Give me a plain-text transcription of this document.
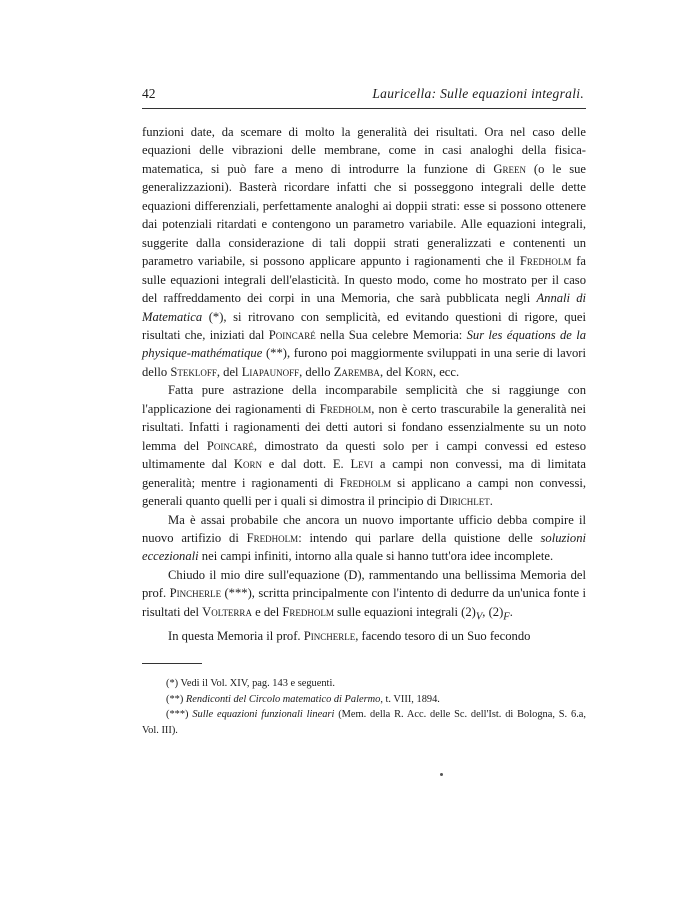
42	Lauricella: Sulle equazioni integrali.

funzioni date, da scemare di molto la generalità dei risultati. Ora nel caso delle equazioni delle vibrazioni delle membrane, come in casi analoghi della fisica-matematica, si può fare a meno di introdurre la funzione di Green (o le sue generalizzazioni). Basterà ricordare infatti che si posseggono integrali delle dette equazioni differenziali, perfettamente analoghi ai doppii strati: esse si possono ottenere dai potenziali ritardati e contengono un parametro variabile. Alle equazioni integrali, suggerite dalla considerazione di tali doppii strati generalizzati e contenenti un parametro variabile, si possono applicare appunto i ragionamenti che il Fredholm fa sulle equazioni integrali dell'elasticità. In questo modo, come ho mostrato per il caso del raffreddamento dei corpi in una Memoria, che sarà pubblicata negli Annali di Matematica (*), si ritrovano con semplicità, ed evitando questioni di rigore, quei risultati che, iniziati dal Poincaré nella Sua celebre Memoria: Sur les équations de la physique-mathématique (**), furono poi maggiormente sviluppati in una serie di lavori dello Stekloff, del Liapaunoff, dello Zaremba, del Korn, ecc.

Fatta pure astrazione della incomparabile semplicità che si raggiunge con l'applicazione dei ragionamenti di Fredholm, non è certo trascurabile la generalità nei risultati. Infatti i ragionamenti dei detti autori si fondano essenzialmente su un noto lemma del Poincaré, dimostrato da questi solo per i campi convessi ed esteso ultimamente dal Korn e dal dott. E. Levi a campi non convessi, ma di limitata generalità; mentre i ragionamenti di Fredholm si applicano a campi non convessi, generali quanto quelli per i quali si dimostra il principio di Dirichlet.

Ma è assai probabile che ancora un nuovo importante ufficio debba compire il nuovo artifizio di Fredholm: intendo qui parlare della quistione delle soluzioni eccezionali nei campi infiniti, intorno alla quale si hanno tutt'ora idee incomplete.

Chiudo il mio dire sull'equazione (D), rammentando una bellissima Memoria del prof. Pincherle (***), scritta principalmente con l'intento di dedurre da un'unica fonte i risultati del Volterra e del Fredholm sulle equazioni integrali $(2)_V$, $(2)_F$.

In questa Memoria il prof. Pincherle, facendo tesoro di un Suo fecondo

(*) Vedi il Vol. XIV, pag. 143 e seguenti.

(**) Rendiconti del Circolo matematico di Palermo, t. VIII, 1894.

(***) Sulle equazioni funzionali lineari (Mem. della R. Acc. delle Sc. dell'Ist. di Bologna, S. 6.a, Vol. III).
